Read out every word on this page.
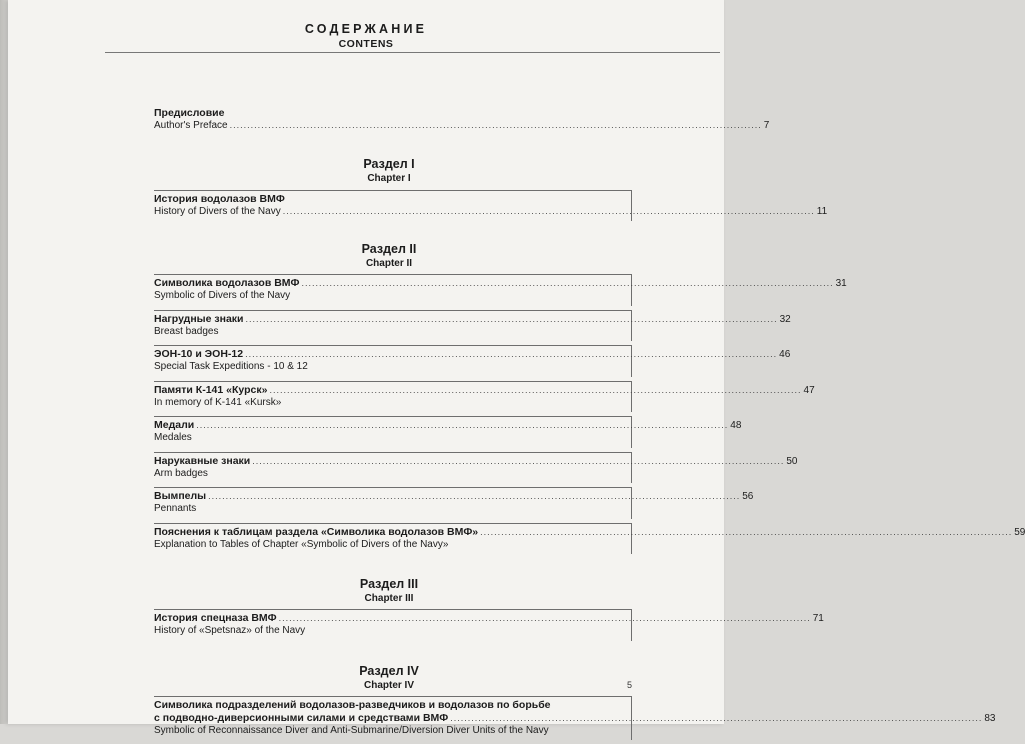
СОДЕРЖАНИЕ
CONTENS
Предисловие
Author's Preface ........................................................................................................................................................ 7
Раздел I
Chapter I
История водолазов ВМФ
History of Divers of the Navy ........................................................................................................................................................ 11
Раздел II
Chapter II
Символика водолазов ВМФ ........................................................................................................................................................ 31
Symbolic of Divers of the Navy
Нагрудные знаки ........................................................................................................................................................ 32
Breast badges
ЭОН-10 и ЭОН-12 ........................................................................................................................................................ 46
Special Task Expeditions - 10 & 12
Памяти К-141 «Курск» ........................................................................................................................................................ 47
In memory of K-141 «Kursk»
Медали ........................................................................................................................................................ 48
Medales
Нарукавные знаки ........................................................................................................................................................ 50
Arm badges
Вымпелы ........................................................................................................................................................ 56
Pennants
Пояснения к таблицам раздела «Символика водолазов ВМФ» ........................................................................................................................................................ 59
Explanation to Tables of Chapter «Symbolic of Divers of the Navy»
Раздел III
Chapter III
История спецназа ВМФ ........................................................................................................................................................ 71
History of «Spetsnaz» of the Navy
Раздел IV
Chapter IV
Символика подразделений водолазов-разведчиков и водолазов по борьбе
с подводно-диверсионными силами и средствами ВМФ ........................................................................................................................................................ 83
Symbolic of Reconnaissance Diver and Anti-Submarine/Diversion Diver Units of the Navy
5
